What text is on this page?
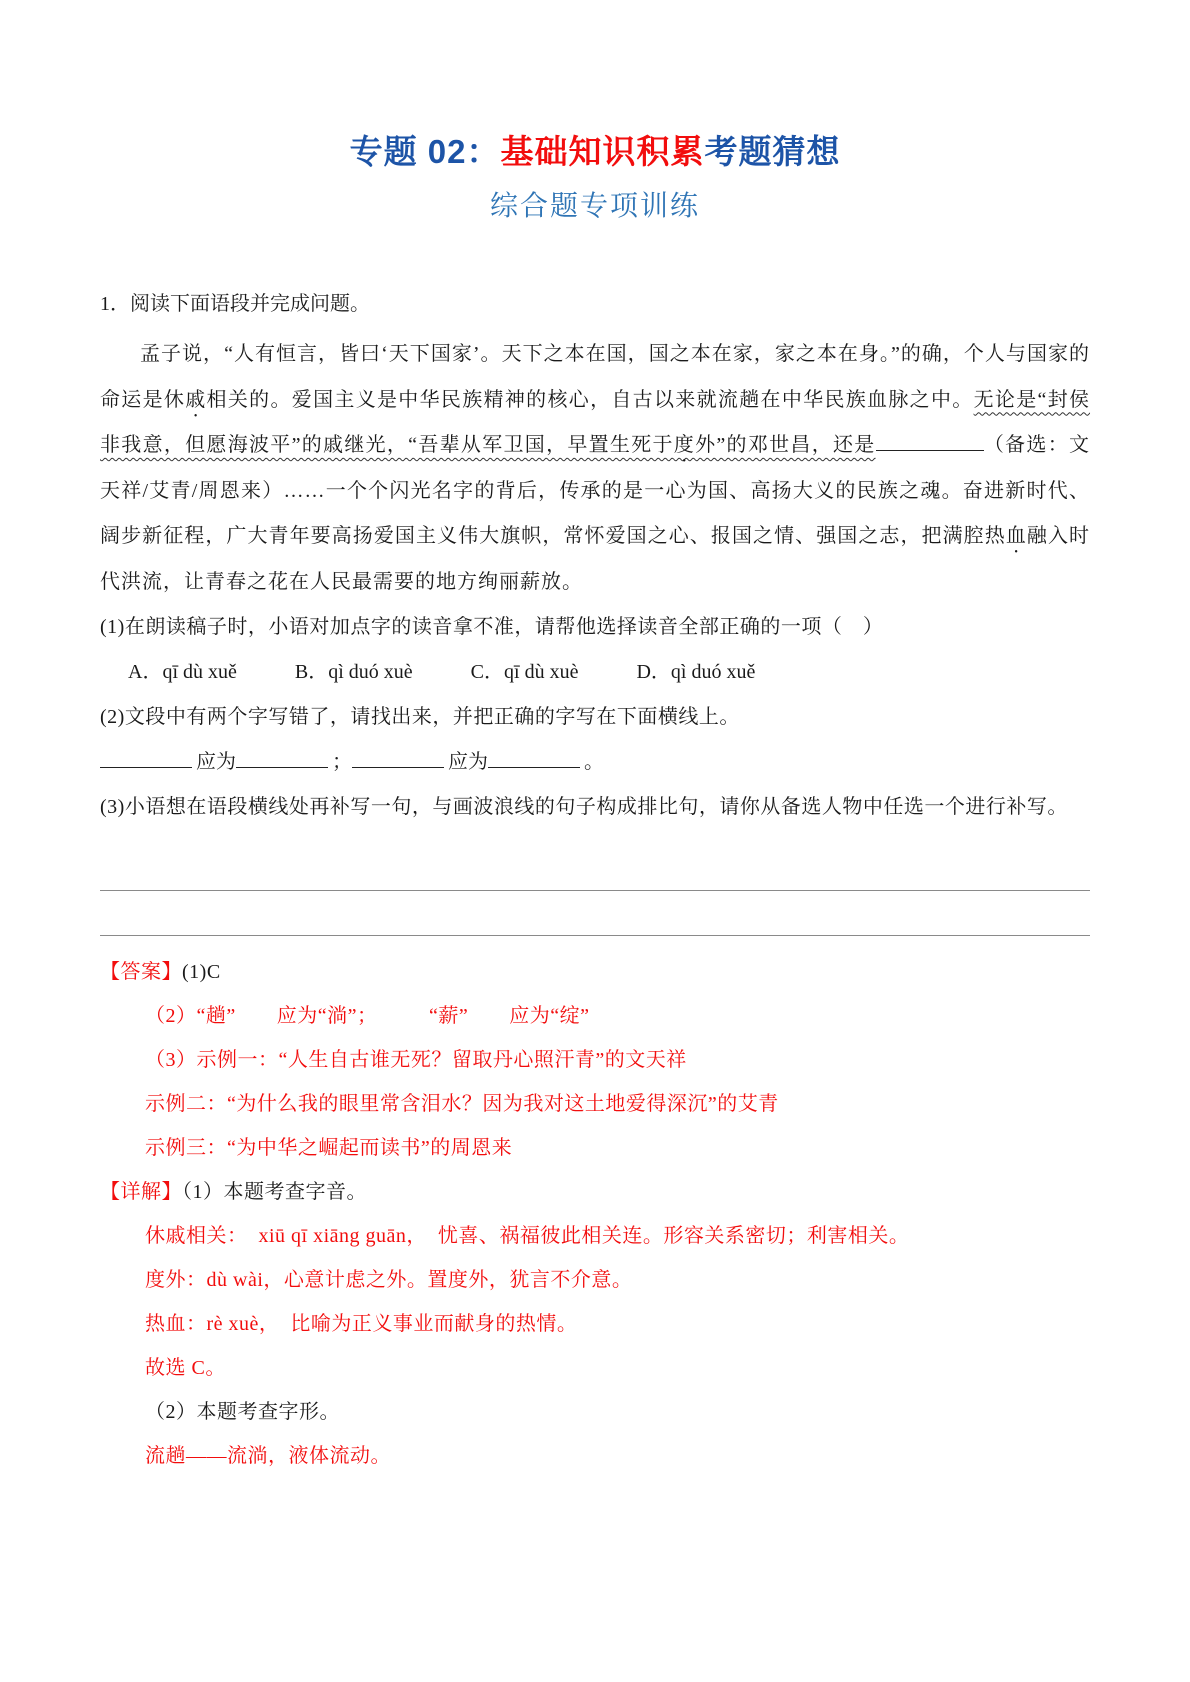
专题 02：基础知识积累考题猜想
综合题专项训练

1．阅读下面语段并完成问题。

孟子说，“人有恒言，皆曰‘天下国家’。天下之本在国，国之本在家，家之本在身。”的确，个人与国家的命运是休戚相关的。爱国主义是中华民族精神的核心，自古以来就流趟在中华民族血脉之中。无论是“封侯非我意，但愿海波平”的戚继光，“吾辈从军卫国，早置生死于度外”的邓世昌，还是	（备选：文天祥/艾青/周恩来）……一个个闪光名字的背后，传承的是一心为国、高扬大义的民族之魂。奋进新时代、阔步新征程，广大青年要高扬爱国主义伟大旗帜，常怀爱国之心、报国之情、强国之志，把满腔热血融入时代洪流，让青春之花在人民最需要的地方绚丽薪放。

(1)在朗读稿子时，小语对加点字的读音拿不准，请帮他选择读音全部正确的一项（　）

A．qī dù xuě	B．qì duó xuè	C．qī dù xuè	D．qì duó xuě

(2)文段中有两个字写错了，请找出来，并把正确的字写在下面横线上。

应为	；	应为	。

(3)小语想在语段横线处再补写一句，与画波浪线的句子构成排比句，请你从备选人物中任选一个进行补写。

【答案】(1)C

（2）“趟”　　应为“淌”；　　　“薪”　　应为“绽”

（3）示例一：“人生自古谁无死？留取丹心照汗青”的文天祥

示例二：“为什么我的眼里常含泪水？因为我对这土地爱得深沉”的艾青

示例三：“为中华之崛起而读书”的周恩来

【详解】（1）本题考查字音。

休戚相关：  xiū qī xiāng guān，  忧喜、祸福彼此相关连。形容关系密切；利害相关。

度外：dù wài，心意计虑之外。置度外，犹言不介意。

热血：rè xuè，  比喻为正义事业而献身的热情。

故选 C。

（2）本题考查字形。

流趟——流淌，液体流动。
